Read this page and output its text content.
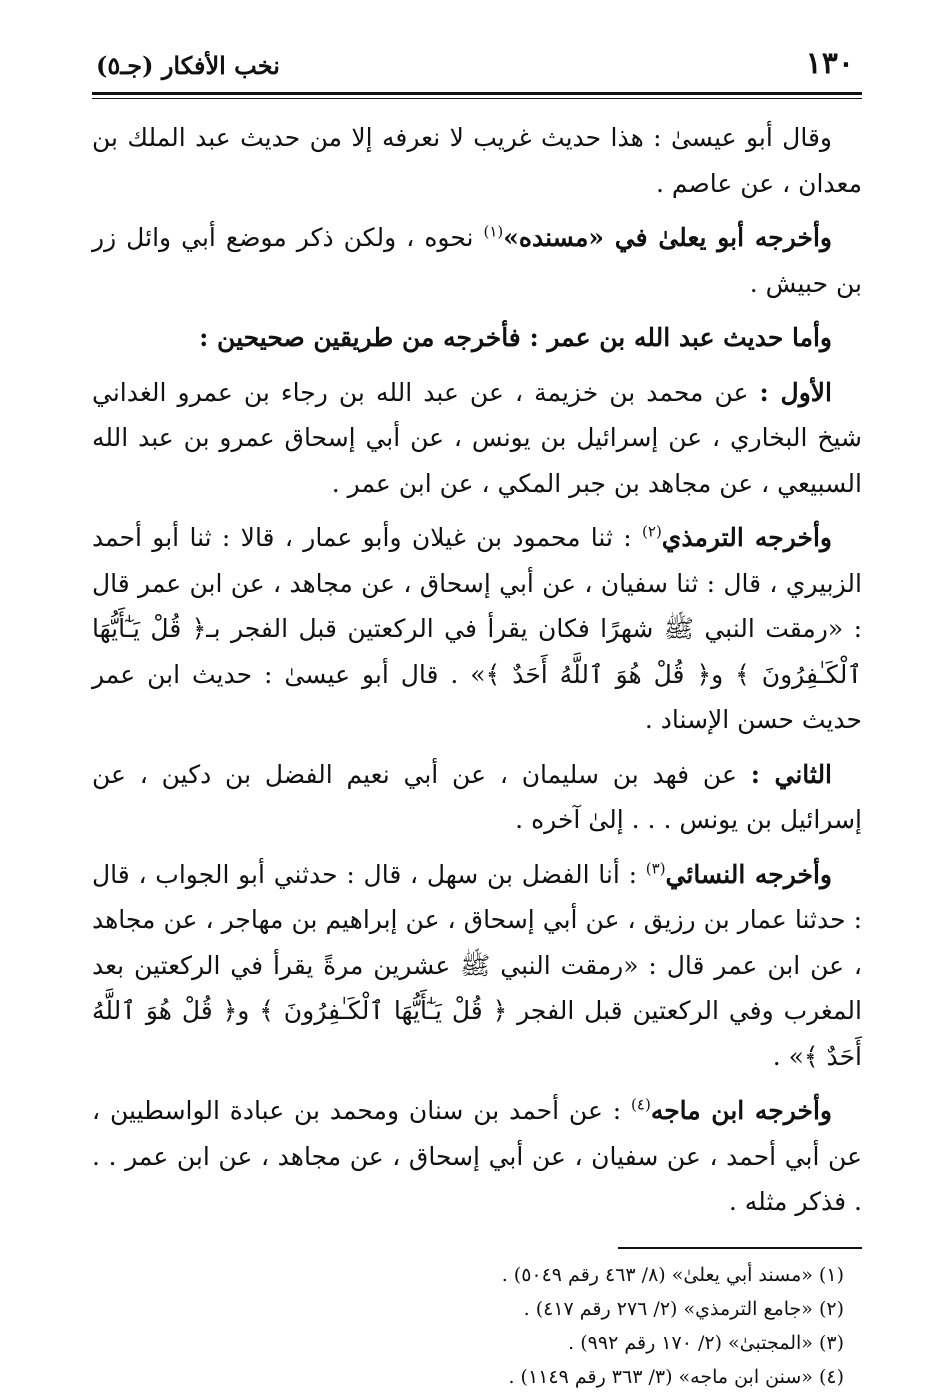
١٣٠
نخب الأفكار (جـ٥)

وقال أبو عيسىٰ : هذا حديث غريب لا نعرفه إلا من حديث عبد الملك بن معدان ، عن عاصم .

وأخرجه أبو يعلىٰ في «مسنده»$^{(١)}$ نحوه ، ولكن ذكر موضع أبي وائل زر بن حبيش .

وأما حديث عبد الله بن عمر : فأخرجه من طريقين صحيحين :

الأول : عن محمد بن خزيمة ، عن عبد الله بن رجاء بن عمرو الغداني شيخ البخاري ، عن إسرائيل بن يونس ، عن أبي إسحاق عمرو بن عبد الله السبيعي ، عن مجاهد بن جبر المكي ، عن ابن عمر .

وأخرجه الترمذي$^{(٢)}$ : ثنا محمود بن غيلان وأبو عمار ، قالا : ثنا أبو أحمد الزبيري ، قال : ثنا سفيان ، عن أبي إسحاق ، عن مجاهد ، عن ابن عمر قال : «رمقت النبي ﷺ شهرًا فكان يقرأ في الركعتين قبل الفجر بـ﴿ قُلْ يَـٰٓأَيُّهَا ٱلْكَـٰفِرُونَ ﴾ و﴿ قُلْ هُوَ ٱللَّهُ أَحَدٌ ﴾» . قال أبو عيسىٰ : حديث ابن عمر حديث حسن الإسناد .

الثاني : عن فهد بن سليمان ، عن أبي نعيم الفضل بن دكين ، عن إسرائيل بن يونس . . . إلىٰ آخره .

وأخرجه النسائي$^{(٣)}$ : أنا الفضل بن سهل ، قال : حدثني أبو الجواب ، قال : حدثنا عمار بن رزيق ، عن أبي إسحاق ، عن إبراهيم بن مهاجر ، عن مجاهد ، عن ابن عمر قال : «رمقت النبي ﷺ عشرين مرةً يقرأ في الركعتين بعد المغرب وفي الركعتين قبل الفجر ﴿ قُلْ يَـٰٓأَيُّهَا ٱلْكَـٰفِرُونَ ﴾ و﴿ قُلْ هُوَ ٱللَّهُ أَحَدٌ ﴾» .

وأخرجه ابن ماجه$^{(٤)}$ : عن أحمد بن سنان ومحمد بن عبادة الواسطيين ، عن أبي أحمد ، عن سفيان ، عن أبي إسحاق ، عن مجاهد ، عن ابن عمر . . . فذكر مثله .

(١) «مسند أبي يعلىٰ» (٨/ ٤٦٣ رقم ٥٠٤٩) .

(٢) «جامع الترمذي» (٢/ ٢٧٦ رقم ٤١٧) .

(٣) «المجتبىٰ» (٢/ ١٧٠ رقم ٩٩٢) .

(٤) «سنن ابن ماجه» (٣/ ٣٦٣ رقم ١١٤٩) .
